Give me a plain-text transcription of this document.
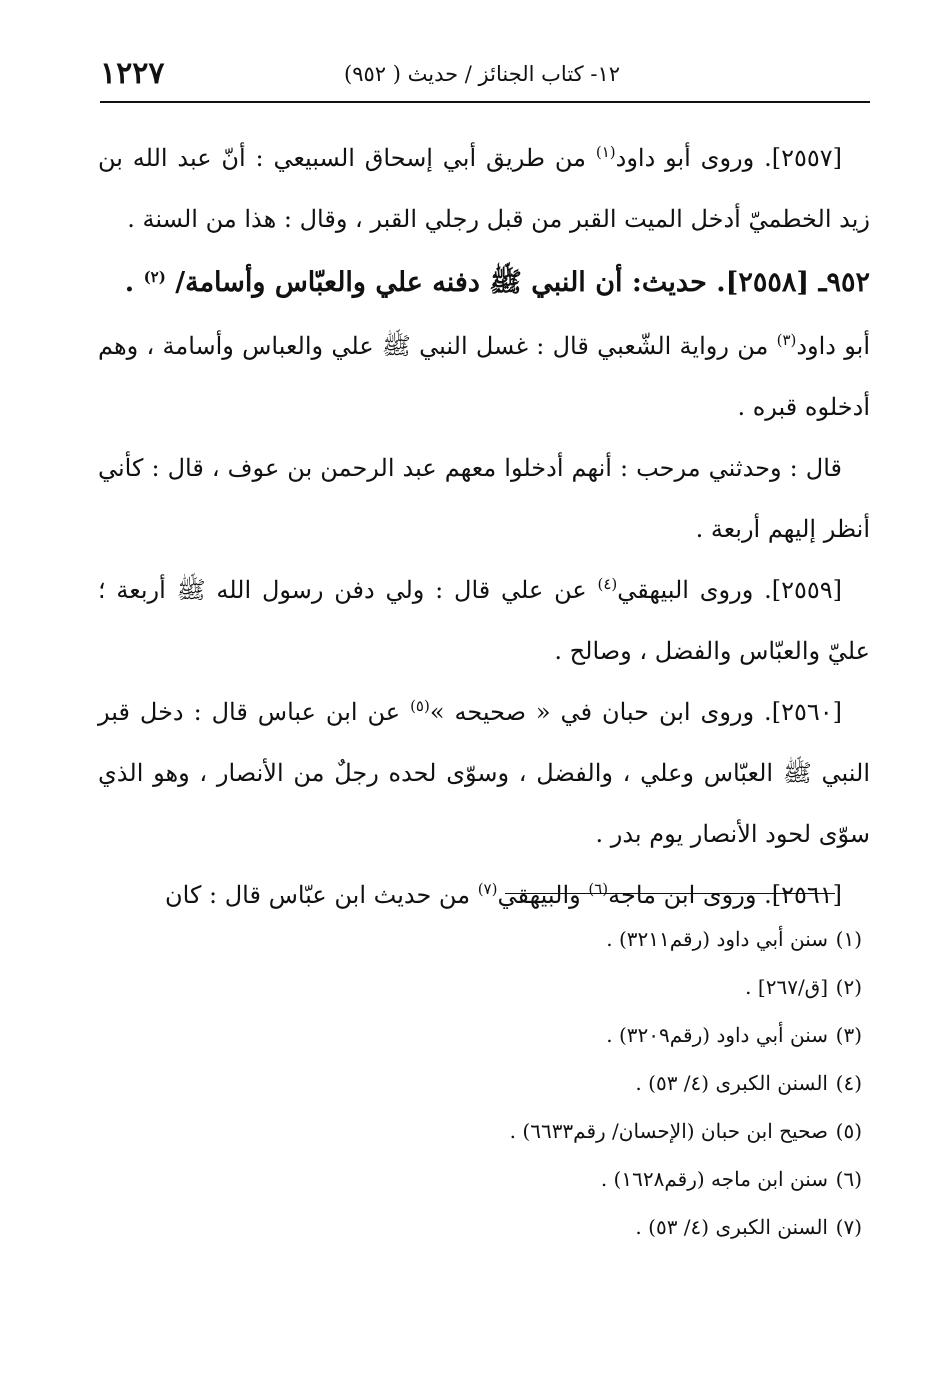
١٢- كتاب الجنائز / حديث ( ٩٥٢)
١٢٢٧

[٢٥٥٧]. وروى أبو داود$^{(١)}$ من طريق أبي إسحاق السبيعي : أنّ عبد الله بن زيد الخطميّ أدخل الميت القبر من قبل رجلي القبر ، وقال : هذا من السنة .

٩٥٢ـ [٢٥٥٨]. حديث: أن النبي ﷺ دفنه علي والعبّاس وأسامة/ $^{(٢)}$ .

أبو داود$^{(٣)}$ من رواية الشّعبي قال : غسل النبي ﷺ علي والعباس وأسامة ، وهم أدخلوه قبره .

قال : وحدثني مرحب : أنهم أدخلوا معهم عبد الرحمن بن عوف ، قال : كأني أنظر إليهم أربعة .

[٢٥٥٩]. وروى البيهقي$^{(٤)}$ عن علي قال : ولي دفن رسول الله ﷺ أربعة ؛ عليّ والعبّاس والفضل ، وصالح .

[٢٥٦٠]. وروى ابن حبان في « صحيحه »$^{(٥)}$ عن ابن عباس قال : دخل قبر النبي ﷺ العبّاس وعلي ، والفضل ، وسوّى لحده رجلٌ من الأنصار ، وهو الذي سوّى لحود الأنصار يوم بدر .

[٢٥٦١]. وروى ابن ماجه$^{(٦)}$ والبيهقي$^{(٧)}$ من حديث ابن عبّاس قال : كان

(١)سنن أبي داود (رقم٣٢١١) .
(٢)[ق/٢٦٧] .
(٣)سنن أبي داود (رقم٣٢٠٩) .
(٤)السنن الكبرى (٤/ ٥٣) .
(٥)صحيح ابن حبان (الإحسان/ رقم٦٦٣٣) .
(٦)سنن ابن ماجه (رقم١٦٢٨) .
(٧)السنن الكبرى (٤/ ٥٣) .
